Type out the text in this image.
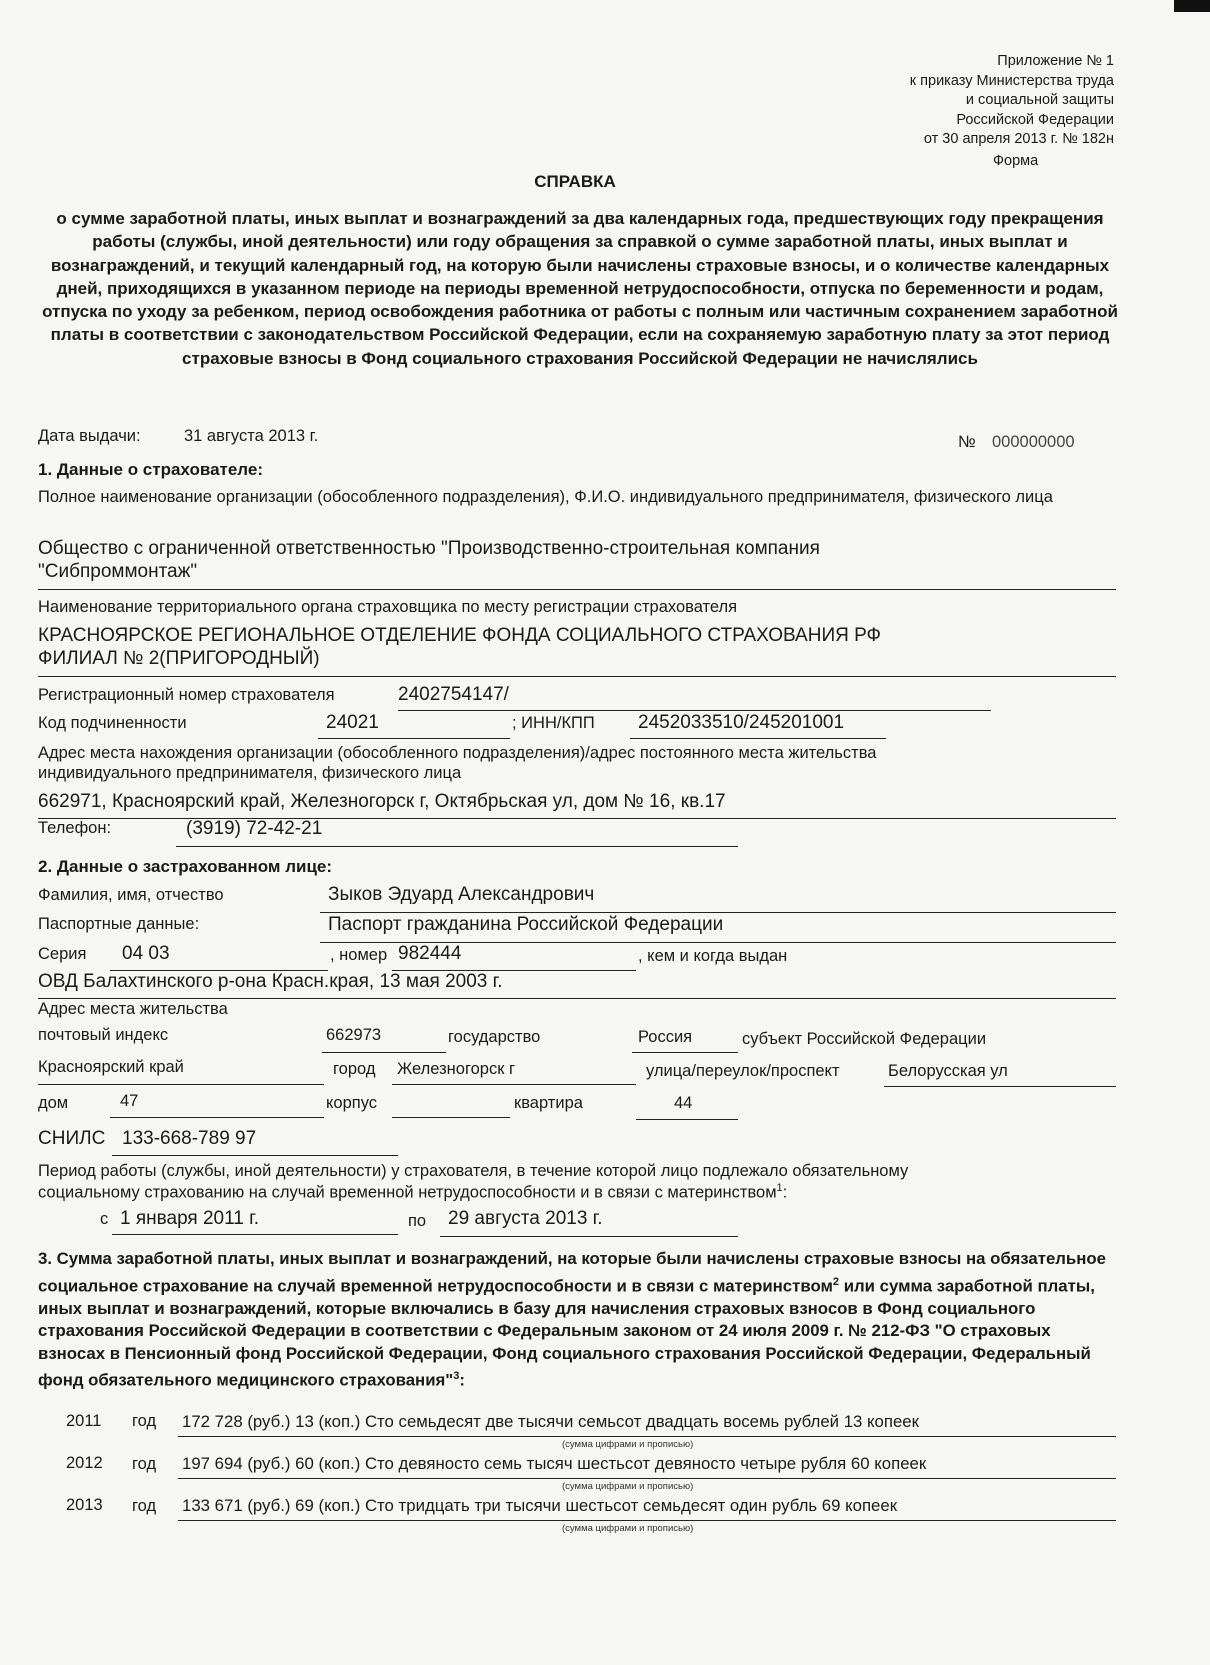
Приложение № 1
к приказу Министерства труда
и социальной защиты
Российской Федерации
от 30 апреля 2013 г. № 182н
Форма
СПРАВКА
о сумме заработной платы, иных выплат и вознаграждений за два календарных года, предшествующих году прекращения работы (службы, иной деятельности) или году обращения за справкой о сумме заработной платы, иных выплат и вознаграждений, и текущий календарный год, на которую были начислены страховые взносы, и о количестве календарных дней, приходящихся в указанном периоде на периоды временной нетрудоспособности, отпуска по беременности и родам, отпуска по уходу за ребенком, период освобождения работника от работы с полным или частичным сохранением заработной платы в соответствии с законодательством Российской Федерации, если на сохраняемую заработную плату за этот период страховые взносы в Фонд социального страхования Российской Федерации не начислялись
Дата выдачи:	31 августа 2013 г.	№ 000000000
1. Данные о страхователе:
Полное наименование организации (обособленного подразделения), Ф.И.О. индивидуального предпринимателя, физического лица
Общество с ограниченной ответственностью "Производственно-строительная компания
"Сибпроммонтаж"
Наименование территориального органа страховщика по месту регистрации страхователя
КРАСНОЯРСКОЕ РЕГИОНАЛЬНОЕ ОТДЕЛЕНИЕ ФОНДА СОЦИАЛЬНОГО СТРАХОВАНИЯ РФ
ФИЛИАЛ № 2(ПРИГОРОДНЫЙ)
Регистрационный номер страхователя	2402754147/
Код подчиненности	24021	; ИНН/КПП 2452033510/245201001
Адрес места нахождения организации (обособленного подразделения)/адрес постоянного места жительства
индивидуального предпринимателя, физического лица
662971, Красноярский край, Железногорск г, Октябрьская ул, дом № 16, кв.17
Телефон:	(3919) 72-42-21
2. Данные о застрахованном лице:
Фамилия, имя, отчество	Зыков Эдуард Александрович
Паспортные данные:	Паспорт гражданина Российской Федерации
Серия 04 03	, номер 982444	, кем и когда выдан
ОВД Балахтинского р-она Красн.края, 13 мая 2003 г.
Адрес места жительства
почтовый индекс	662973	государство	Россия	субъект Российской Федерации
Красноярский край	город Железногорск г	улица/переулок/проспект	Белорусская ул
дом	47	корпус	квартира	44
СНИЛС 133-668-789 97
Период работы (службы, иной деятельности) у страхователя, в течение которой лицо подлежало обязательному
социальному страхованию на случай временной нетрудоспособности и в связи с материнством$^1$:
с 1 января 2011 г.	по 29 августа 2013 г.
3. Сумма заработной платы, иных выплат и вознаграждений, на которые были начислены страховые взносы на обязательное социальное страхование на случай временной нетрудоспособности и в связи с материнством$^2$ или сумма заработной платы, иных выплат и вознаграждений, которые включались в базу для начисления страховых взносов в Фонд социального страхования Российской Федерации в соответствии с Федеральным законом от 24 июля 2009 г. № 212-ФЗ "О страховых взносах в Пенсионный фонд Российской Федерации, Фонд социального страхования Российской Федерации, Федеральный фонд обязательного медицинского страхования"$^3$:
2011 год 172 728 (руб.) 13 (коп.) Сто семьдесят две тысячи семьсот двадцать восемь рублей 13 копеек
(сумма цифрами и прописью)
2012 год 197 694 (руб.) 60 (коп.) Сто девяносто семь тысяч шестьсот девяносто четыре рубля 60 копеек
(сумма цифрами и прописью)
2013 год 133 671 (руб.) 69 (коп.) Сто тридцать три тысячи шестьсот семьдесят один рубль 69 копеек
(сумма цифрами и прописью)
